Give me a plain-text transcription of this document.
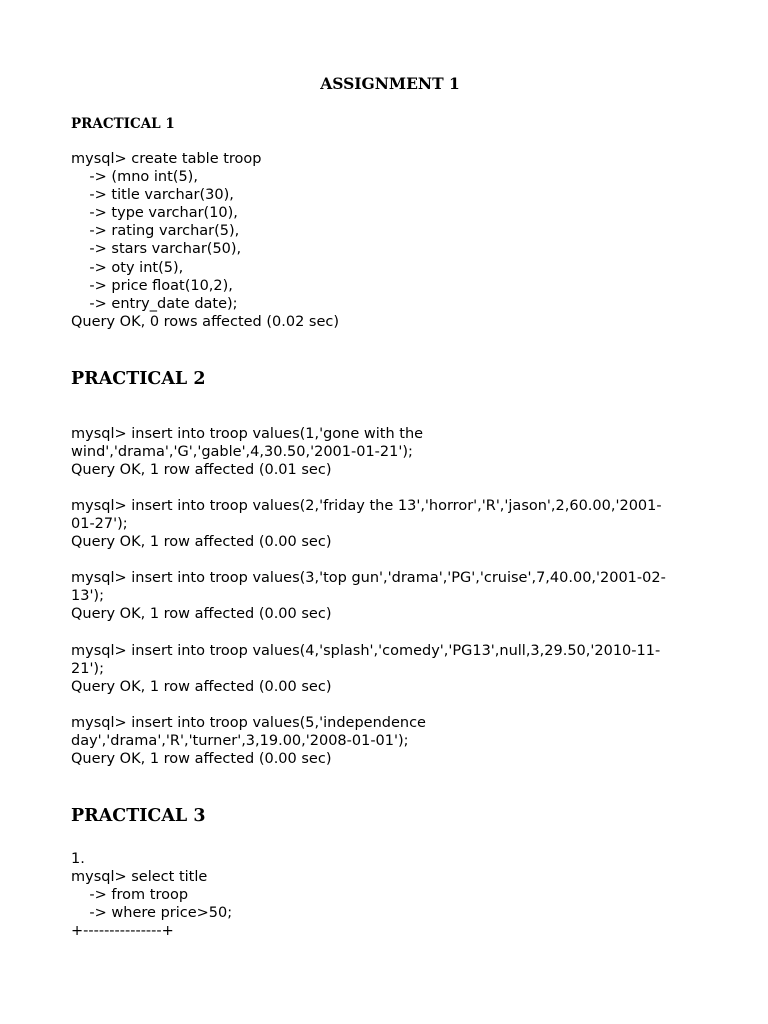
ASSIGNMENT 1
PRACTICAL 1
mysql> create table troop
-> (mno int(5),
-> title varchar(30),
-> type varchar(10),
-> rating varchar(5),
-> stars varchar(50),
-> oty int(5),
-> price float(10,2),
-> entry_date date);
Query OK, 0 rows affected (0.02 sec)
PRACTICAL 2
mysql> insert into troop values(1,'gone with the
wind','drama','G','gable',4,30.50,'2001-01-21');
Query OK, 1 row affected (0.01 sec)
mysql> insert into troop values(2,'friday the 13','horror','R','jason',2,60.00,'2001-
01-27');
Query OK, 1 row affected (0.00 sec)
mysql> insert into troop values(3,'top gun','drama','PG','cruise',7,40.00,'2001-02-
13');
Query OK, 1 row affected (0.00 sec)
mysql> insert into troop values(4,'splash','comedy','PG13',null,3,29.50,'2010-11-
21');
Query OK, 1 row affected (0.00 sec)
mysql> insert into troop values(5,'independence
day','drama','R','turner',3,19.00,'2008-01-01');
Query OK, 1 row affected (0.00 sec)
PRACTICAL 3
1.
mysql> select title
-> from troop
-> where price>50;
+---------------+
